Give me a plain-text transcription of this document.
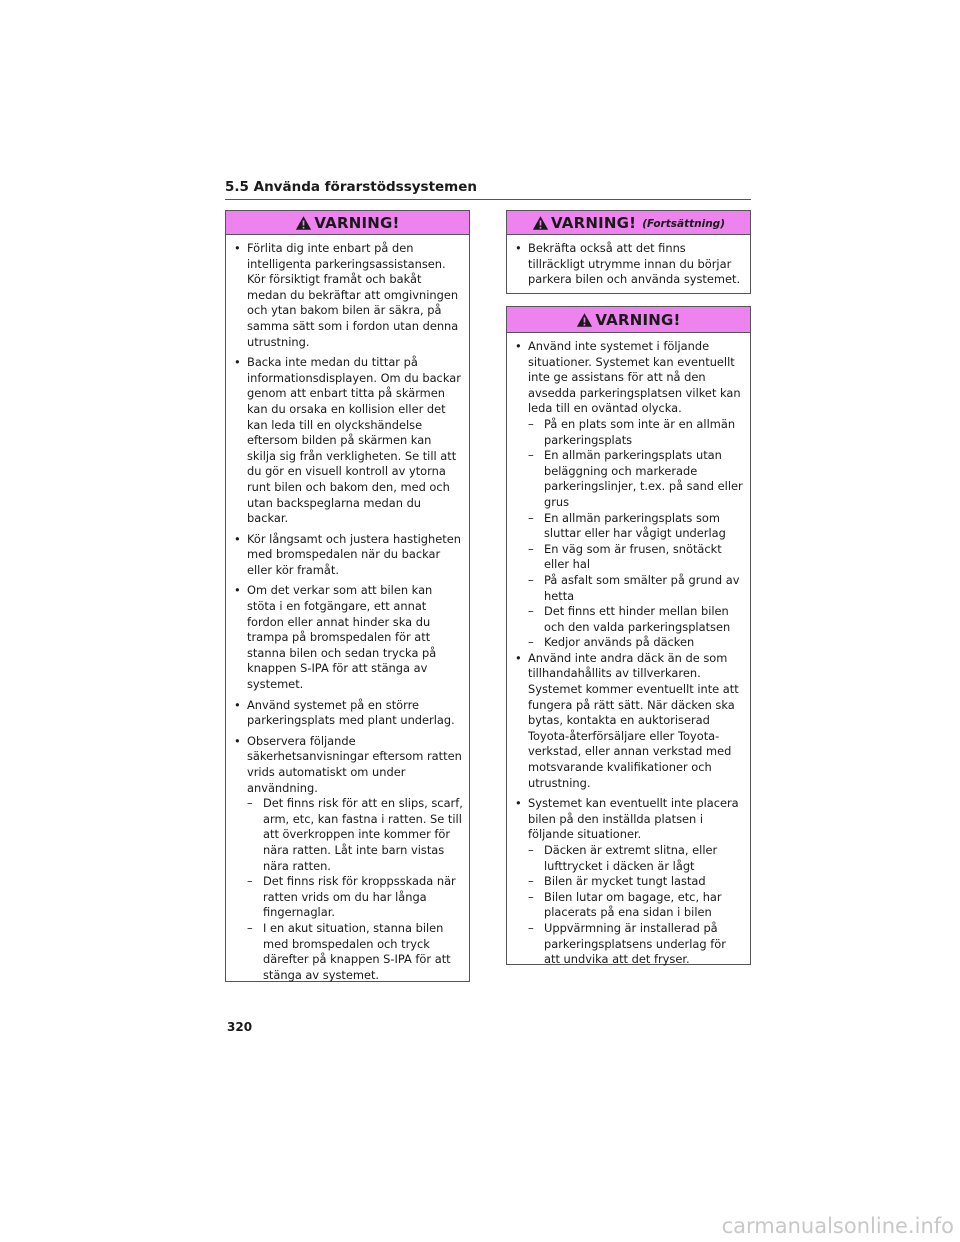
5.5 Använda förarstödssystemen
VARNING!
• Förlita dig inte enbart på den intelligenta parkeringsassistansen. Kör försiktigt framåt och bakåt medan du bekräftar att omgivningen och ytan bakom bilen är säkra, på samma sätt som i fordon utan denna utrustning.
• Backa inte medan du tittar på informationsdisplayen. Om du backar genom att enbart titta på skärmen kan du orsaka en kollision eller det kan leda till en olyckshändelse eftersom bilden på skärmen kan skilja sig från verkligheten. Se till att du gör en visuell kontroll av ytorna runt bilen och bakom den, med och utan backspeglarna medan du backar.
• Kör långsamt och justera hastigheten med bromspedalen när du backar eller kör framåt.
• Om det verkar som att bilen kan stöta i en fotgängare, ett annat fordon eller annat hinder ska du trampa på bromspedalen för att stanna bilen och sedan trycka på knappen S-IPA för att stänga av systemet.
• Använd systemet på en större parkeringsplats med plant underlag.
• Observera följande säkerhetsanvisningar eftersom ratten vrids automatiskt om under användning.
– Det finns risk för att en slips, scarf, arm, etc, kan fastna i ratten. Se till att överkroppen inte kommer för nära ratten. Låt inte barn vistas nära ratten.
– Det finns risk för kroppsskada när ratten vrids om du har långa fingernaglar.
– I en akut situation, stanna bilen med bromspedalen och tryck därefter på knappen S-IPA för att stänga av systemet.
VARNING! (Fortsättning)
• Bekräfta också att det finns tillräckligt utrymme innan du börjar parkera bilen och använda systemet.
VARNING!
• Använd inte systemet i följande situationer. Systemet kan eventuellt inte ge assistans för att nå den avsedda parkeringsplatsen vilket kan leda till en oväntad olycka.
– På en plats som inte är en allmän parkeringsplats
– En allmän parkeringsplats utan beläggning och markerade parkeringslinjer, t.ex. på sand eller grus
– En allmän parkeringsplats som sluttar eller har vågigt underlag
– En väg som är frusen, snötäckt eller hal
– På asfalt som smälter på grund av hetta
– Det finns ett hinder mellan bilen och den valda parkeringsplatsen
– Kedjor används på däcken
• Använd inte andra däck än de som tillhandahållits av tillverkaren. Systemet kommer eventuellt inte att fungera på rätt sätt. När däcken ska bytas, kontakta en auktoriserad Toyota-återförsäljare eller Toyota-verkstad, eller annan verkstad med motsvarande kvalifikationer och utrustning.
• Systemet kan eventuellt inte placera bilen på den inställda platsen i följande situationer.
– Däcken är extremt slitna, eller lufttrycket i däcken är lågt
– Bilen är mycket tungt lastad
– Bilen lutar om bagage, etc, har placerats på ena sidan i bilen
– Uppvärmning är installerad på parkeringsplatsens underlag för att undvika att det fryser.
320
carmanualsonline.info
